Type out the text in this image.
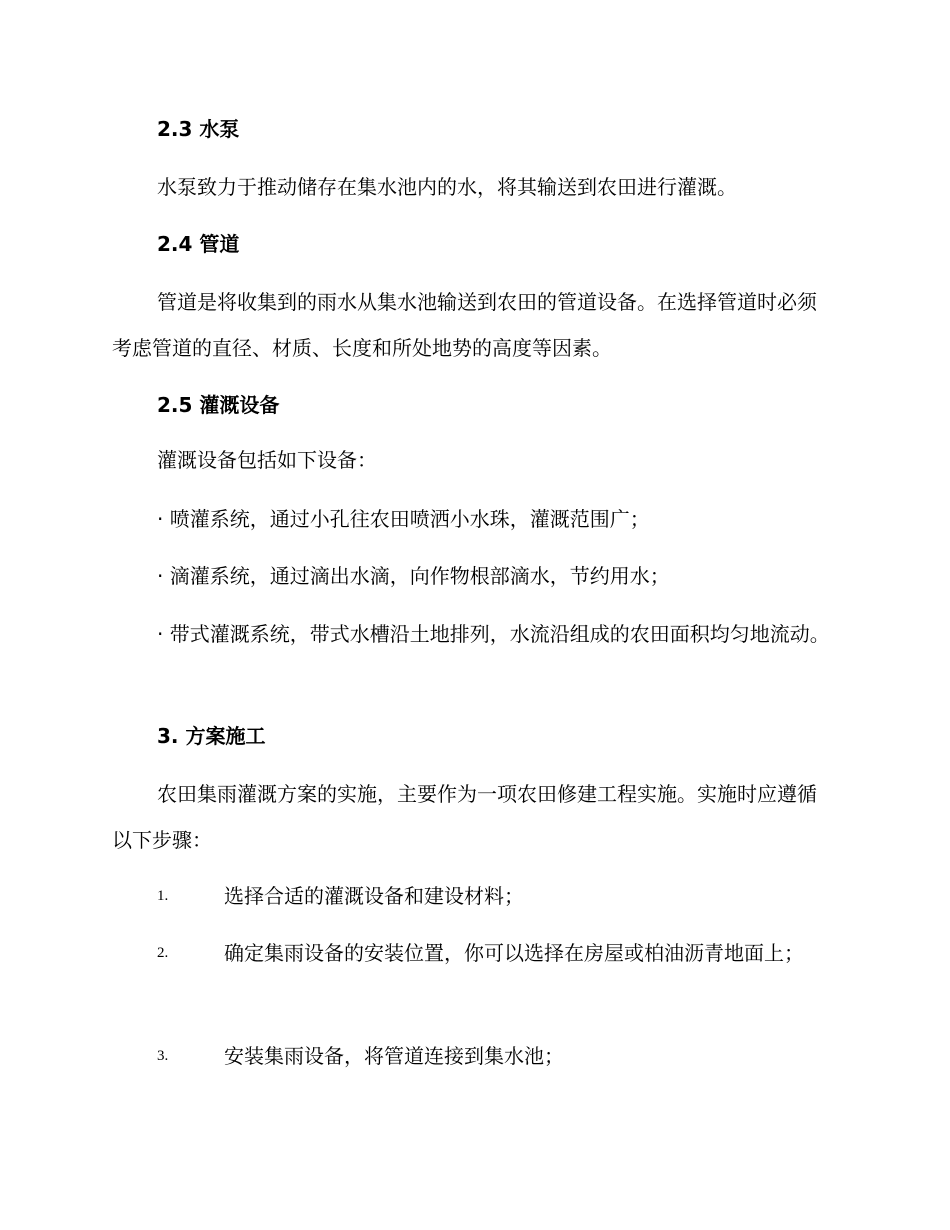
2.3 水泵

水泵致力于推动储存在集水池内的水，将其输送到农田进行灌溉。

2.4 管道

管道是将收集到的雨水从集水池输送到农田的管道设备。在选择管道时必须考虑管道的直径、材质、长度和所处地势的高度等因素。

2.5 灌溉设备

灌溉设备包括如下设备：

· 喷灌系统，通过小孔往农田喷洒小水珠，灌溉范围广；

· 滴灌系统，通过滴出水滴，向作物根部滴水，节约用水；

· 带式灌溉系统，带式水槽沿土地排列，水流沿组成的农田面积均匀地流动。

3. 方案施工

农田集雨灌溉方案的实施，主要作为一项农田修建工程实施。实施时应遵循以下步骤：

1.	选择合适的灌溉设备和建设材料；
2.	确定集雨设备的安装位置，你可以选择在房屋或柏油沥青地面上；
3.	安装集雨设备，将管道连接到集水池；
